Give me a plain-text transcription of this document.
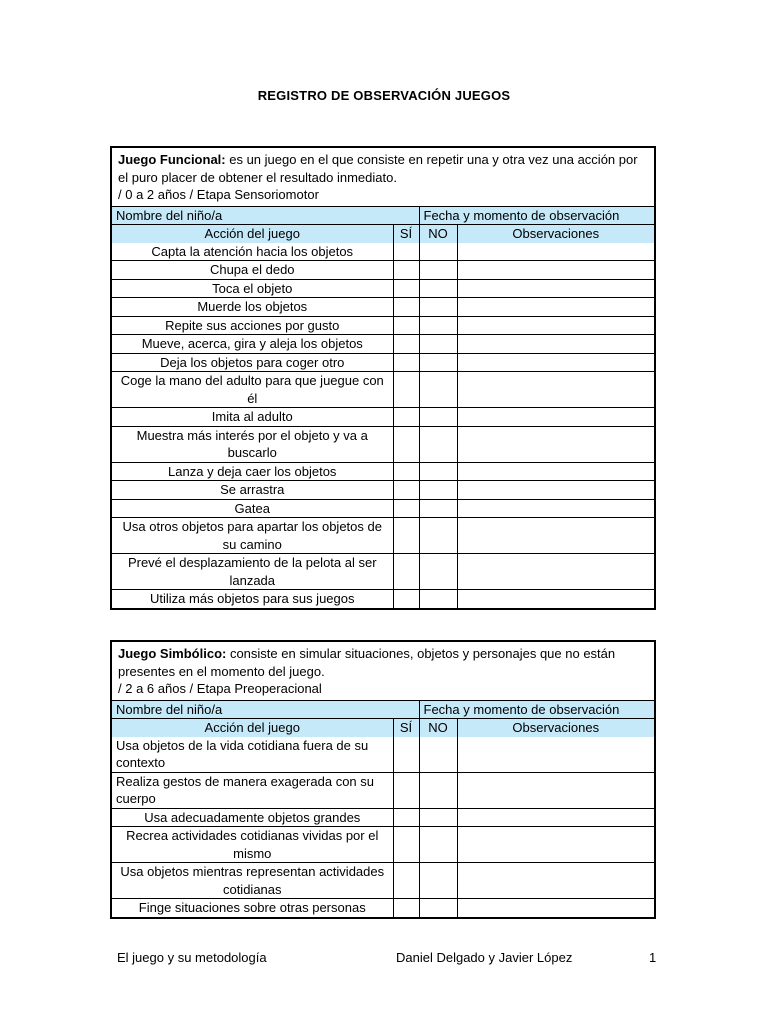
REGISTRO DE OBSERVACIÓN JUEGOS
Juego Funcional: es un juego en el que consiste en repetir una y otra vez una acción por el puro placer de obtener el resultado inmediato.
/ 0 a 2 años / Etapa Sensoriomotor
Nombre del niño/a		Fecha y momento de observación	
Acción del juego	SÍ	NO	Observaciones
Capta la atención hacia los objetos			
Chupa el dedo			
Toca el objeto			
Muerde los objetos			
Repite sus acciones por gusto			
Mueve, acerca, gira y aleja los objetos			
Deja los objetos para coger otro			
Coge la mano del adulto para que juegue con él			
Imita al adulto			
Muestra más interés por el objeto y va a buscarlo			
Lanza y deja caer los objetos			
Se arrastra			
Gatea			
Usa otros objetos para apartar los objetos de su camino			
Prevé el desplazamiento de la pelota al ser lanzada			
Utiliza más objetos para sus juegos			
Juego Simbólico: consiste en simular situaciones, objetos y personajes que no están presentes en el momento del juego.
/ 2 a 6 años / Etapa Preoperacional
Nombre del niño/a		Fecha y momento de observación	
Acción del juego	SÍ	NO	Observaciones
Usa objetos de la vida cotidiana fuera de su contexto			
Realiza gestos de manera exagerada con su cuerpo			
Usa adecuadamente objetos grandes			
Recrea actividades cotidianas vividas por el mismo			
Usa objetos mientras representan actividades cotidianas			
Finge situaciones sobre otras personas			
El juego y su metodología	Daniel Delgado y Javier López	1
